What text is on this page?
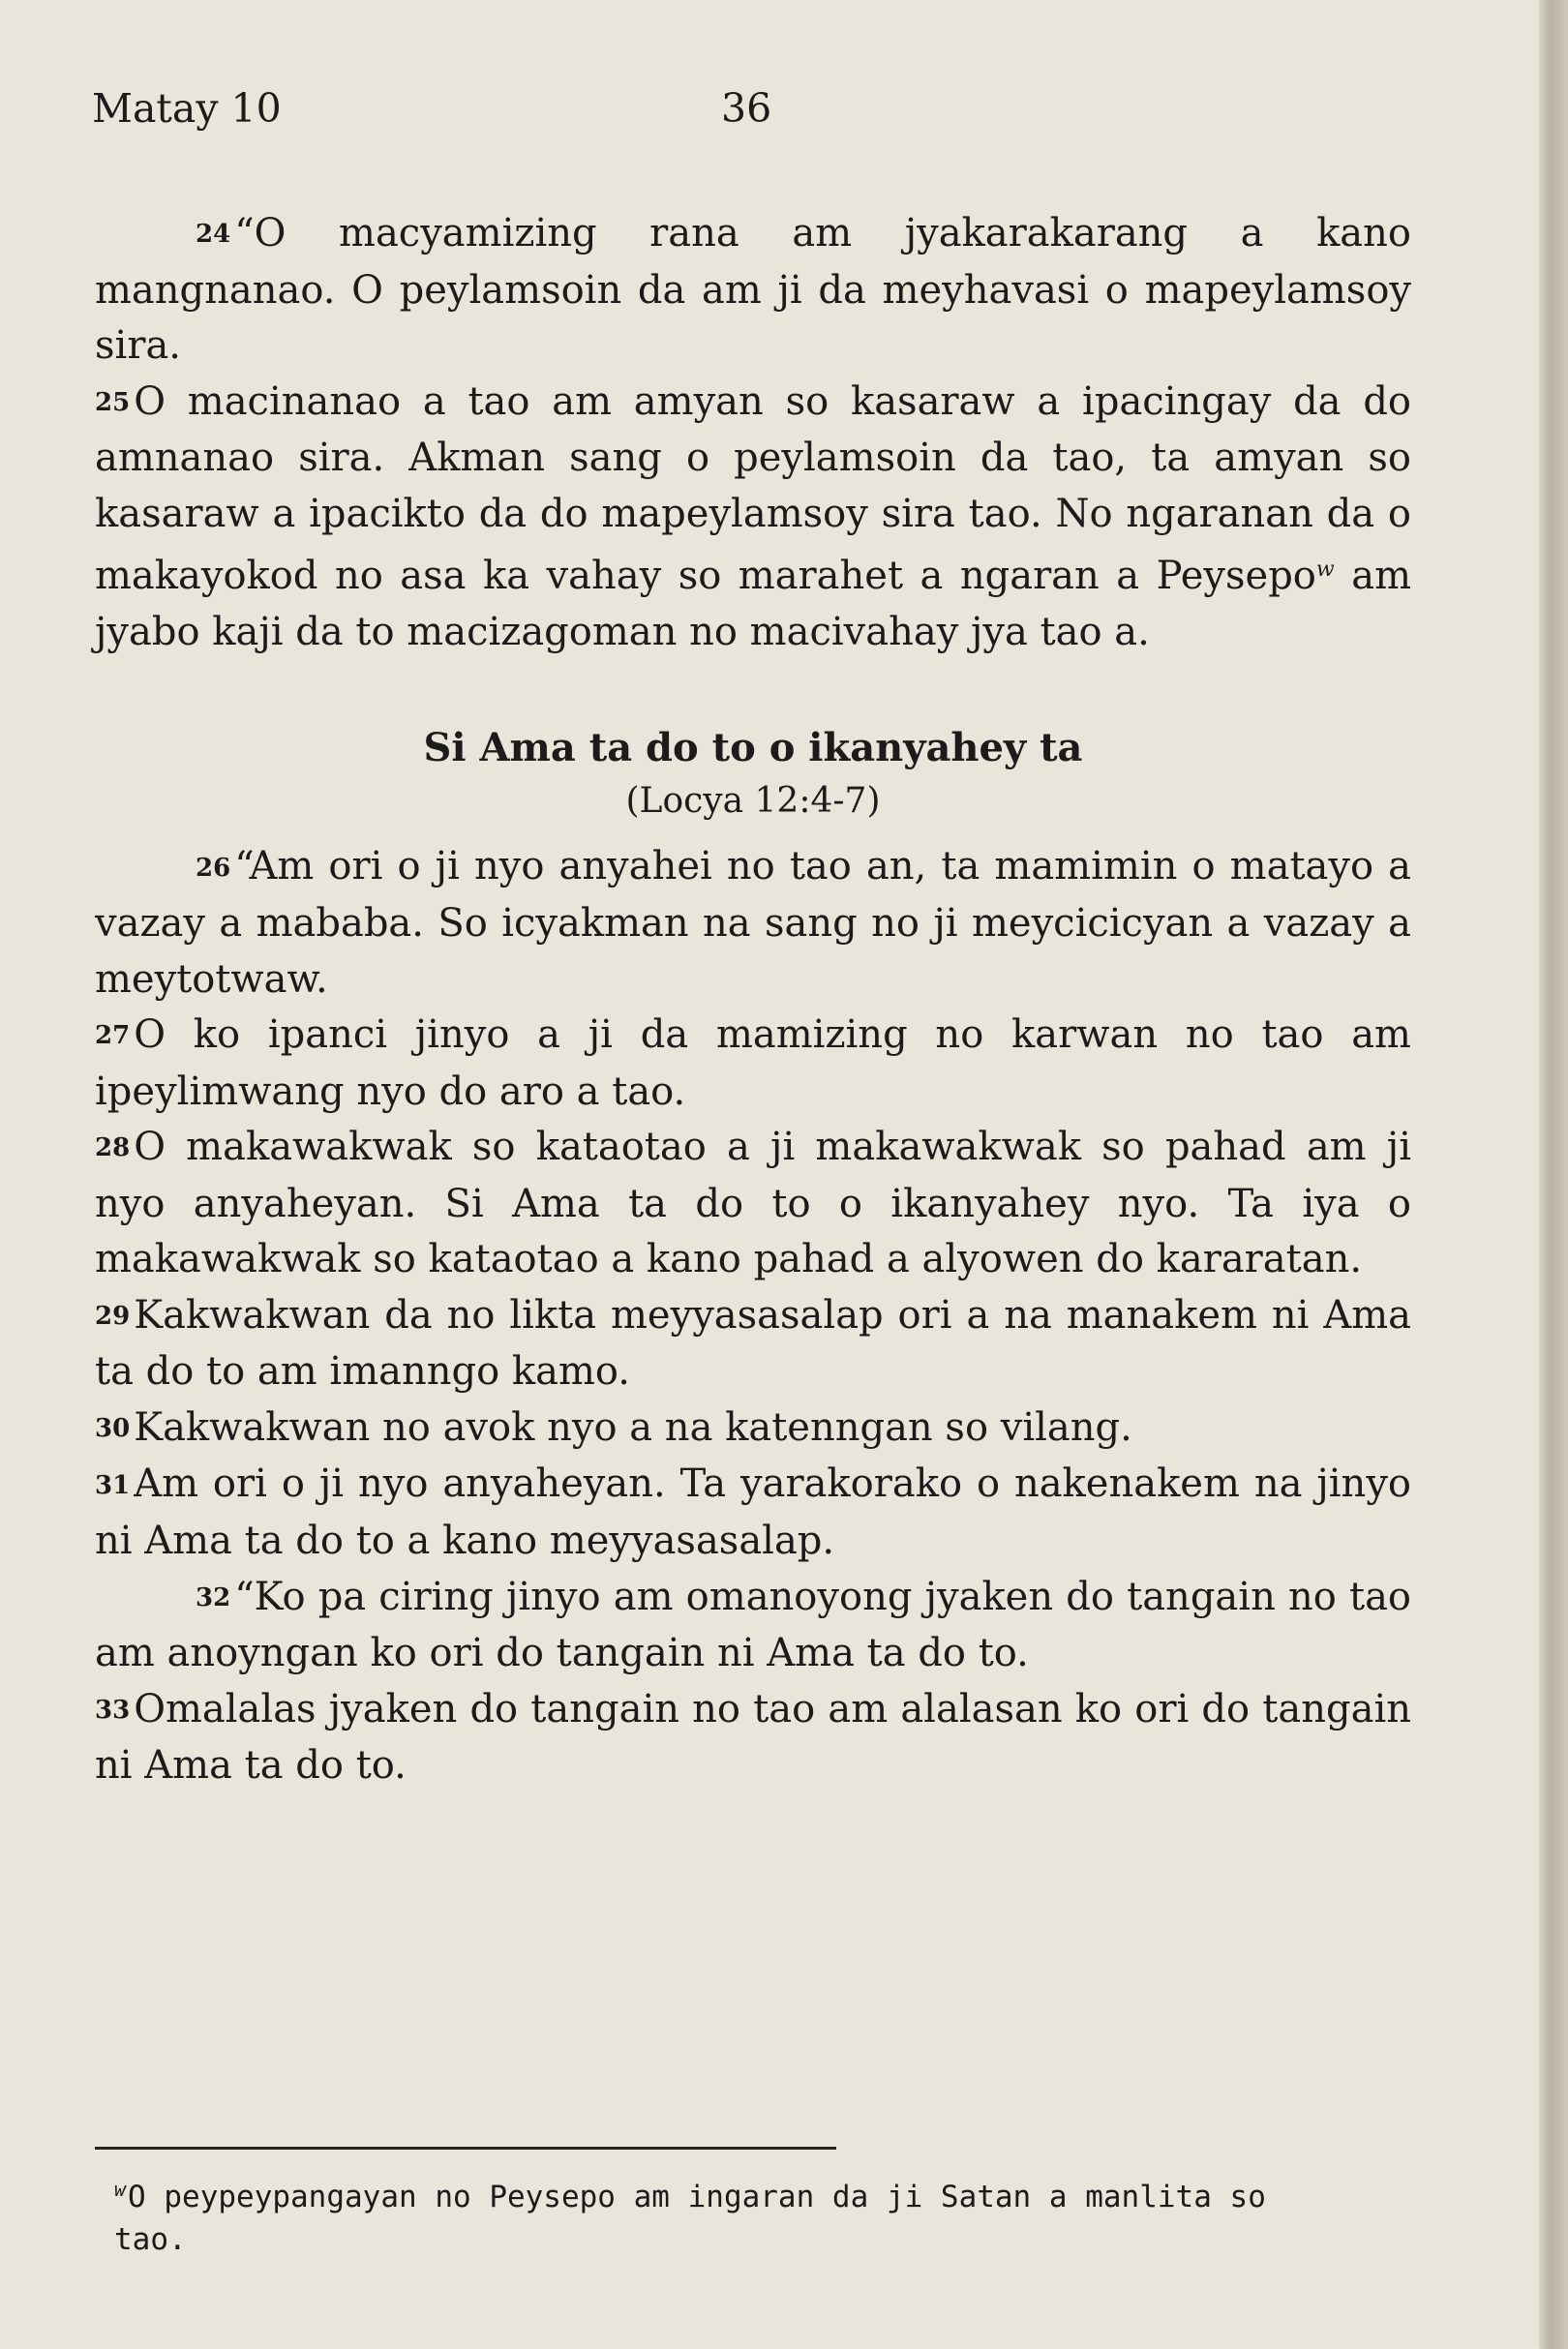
Matay 10	36

24 “O macyamizing rana am jyakarakarang a kano mangnanao. O peylamsoin da am ji da meyhavasi o mapeylamsoy sira.

25 O macinanao a tao am amyan so kasaraw a ipacingay da do amnanao sira. Akman sang o peylamsoin da tao, ta amyan so kasaraw a ipacikto da do mapeylamsoy sira tao. No ngaranan da o makayokod no asa ka vahay so marahet a ngaran a Peysepo$^w$ am jyabo kaji da to macizagoman no macivahay jya tao a.

Si Ama ta do to o ikanyahey ta
(Locya 12:4-7)

26 “Am ori o ji nyo anyahei no tao an, ta mamimin o matayo a vazay a mababa. So icyakman na sang no ji meycicicyan a vazay a meytotwaw.

27 O ko ipanci jinyo a ji da mamizing no karwan no tao am ipeylimwang nyo do aro a tao.

28 O makawakwak so kataotao a ji makawakwak so pahad am ji nyo anyaheyan. Si Ama ta do to o ikanyahey nyo. Ta iya o makawakwak so kataotao a kano pahad a alyowen do kararatan.

29 Kakwakwan da no likta meyyasasalap ori a na manakem ni Ama ta do to am imanngo kamo.

30 Kakwakwan no avok nyo a na katenngan so vilang.

31 Am ori o ji nyo anyaheyan. Ta yarakorako o nakenakem na jinyo ni Ama ta do to a kano meyyasasalap.

32 “Ko pa ciring jinyo am omanoyong jyaken do tangain no tao am anoyngan ko ori do tangain ni Ama ta do to.

33 Omalalas jyaken do tangain no tao am alalasan ko ori do tangain ni Ama ta do to.

$^w$O peypeypangayan no Peysepo am ingaran da ji Satan a manlita so tao.
